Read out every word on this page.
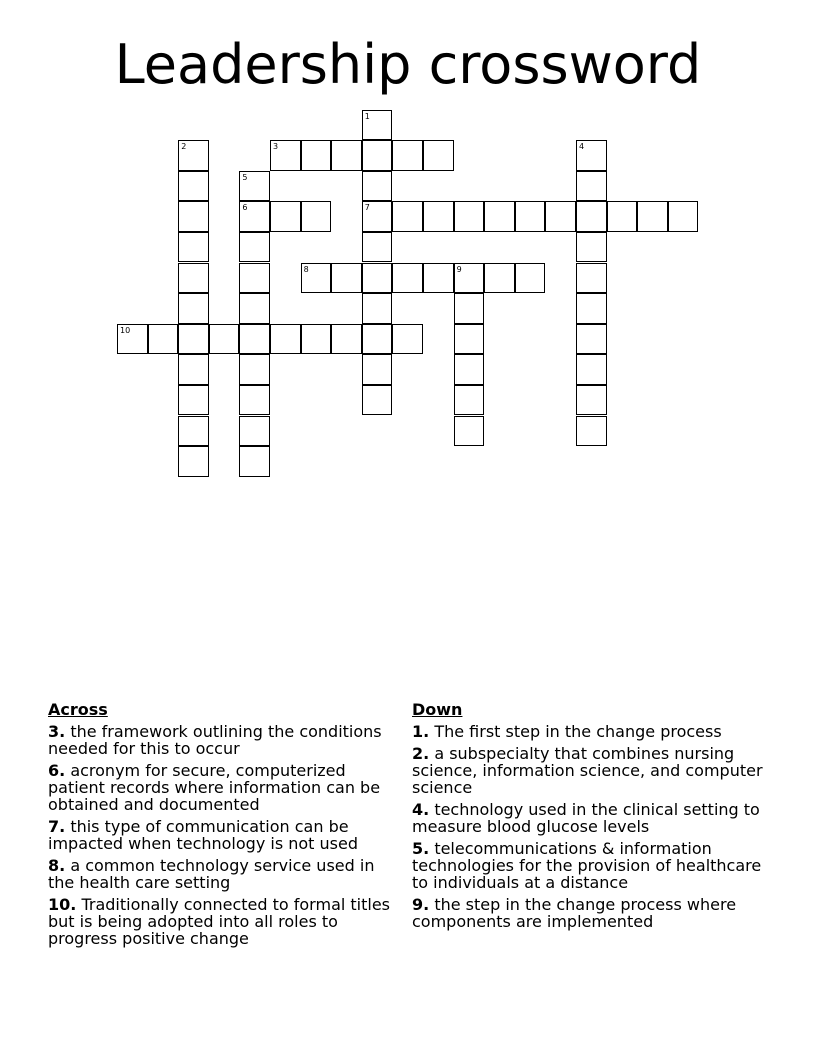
Leadership crossword
1
7
2	3	4
5
6
8	9
10
Across
3. the framework outlining the conditions needed for this to occur
6. acronym for secure, computerized patient records where information can be obtained and documented
7. this type of communication can be impacted when technology is not used
8. a common technology service used in the health care setting
10. Traditionally connected to formal titles but is being adopted into all roles to progress positive change
Down
1. The first step in the change process
2. a subspecialty that combines nursing science, information science, and computer science
4. technology used in the clinical setting to measure blood glucose levels
5. telecommunications & information technologies for the provision of healthcare to individuals at a distance
9. the step in the change process where components are implemented
